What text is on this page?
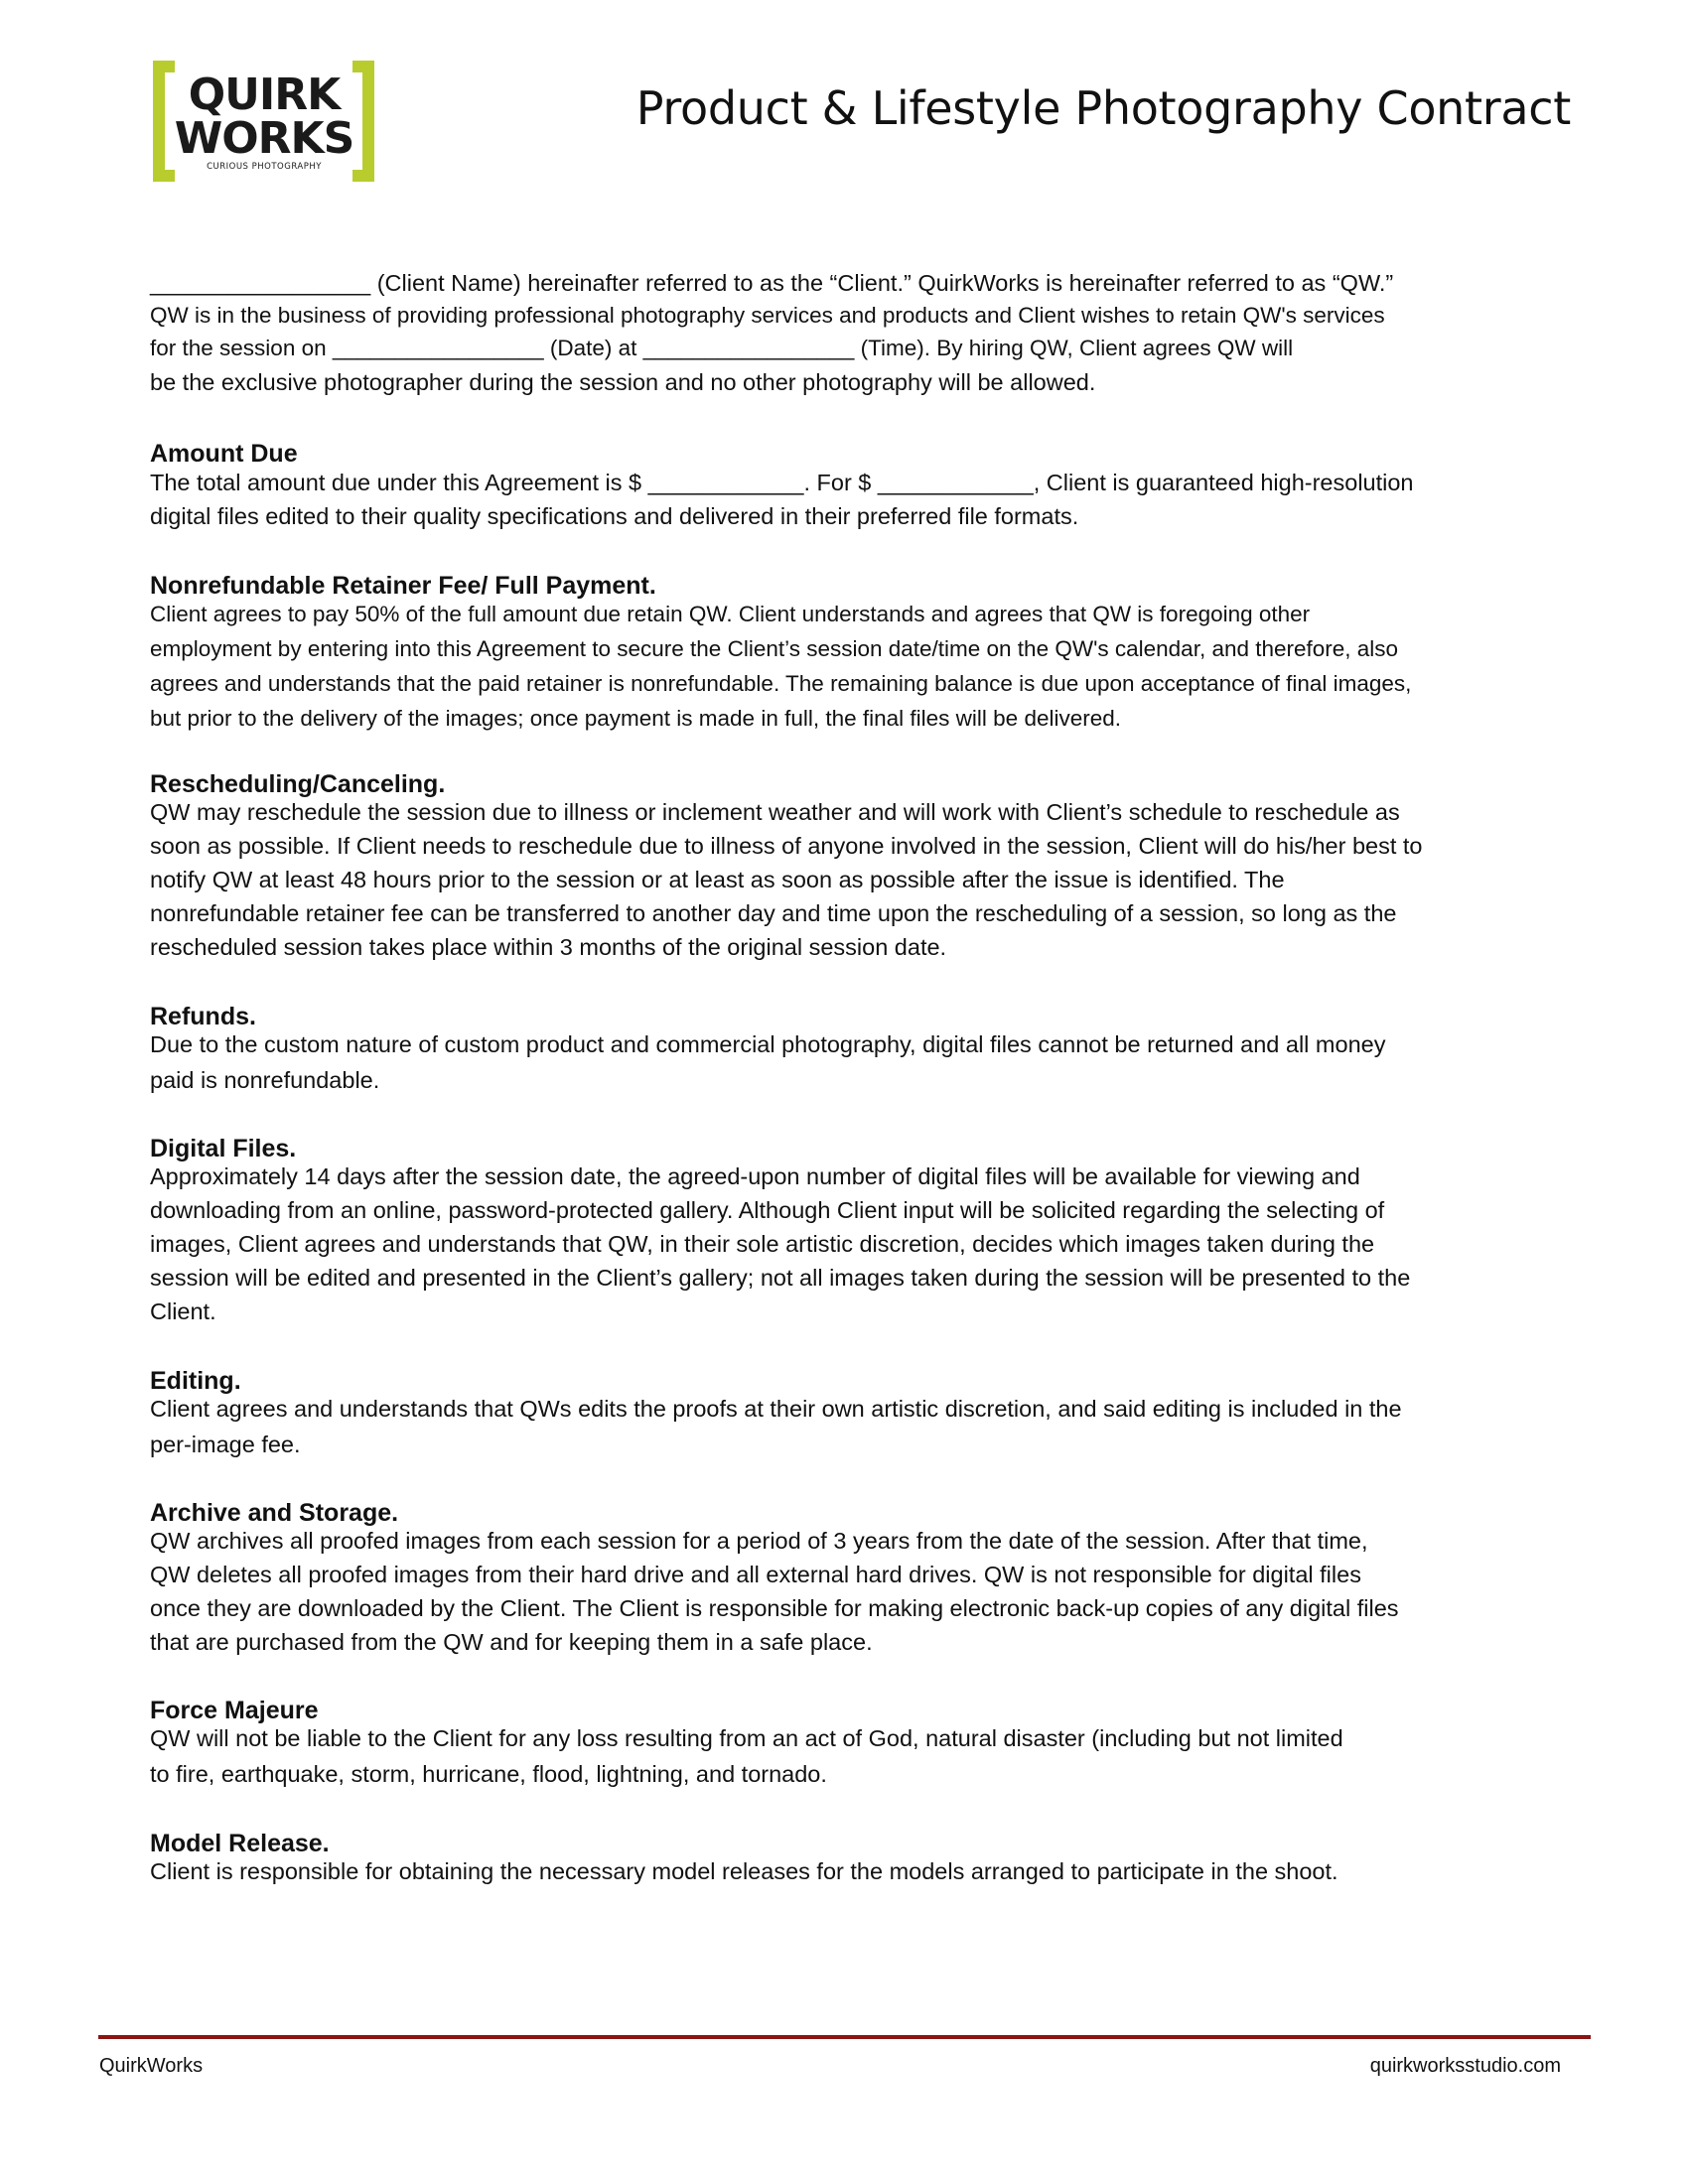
QUIRK
WORKS
CURIOUS PHOTOGRAPHY
Product & Lifestyle Photography Contract
_________________ (Client Name) hereinafter referred to as the “Client.” QuirkWorks is hereinafter referred to as “QW.”
QW is in the business of providing professional photography services and products and Client wishes to retain QW's services
for the session on _________________ (Date) at _________________ (Time). By hiring QW, Client agrees QW will
be the exclusive photographer during the session and no other photography will be allowed.
Amount Due
The total amount due under this Agreement is $ ____________. For $ ____________, Client is guaranteed high-resolution
digital files edited to their quality specifications and delivered in their preferred file formats.
Nonrefundable Retainer Fee/ Full Payment.
Client agrees to pay 50% of the full amount due retain QW. Client understands and agrees that QW is foregoing other
employment by entering into this Agreement to secure the Client’s session date/time on the QW's calendar, and therefore, also
agrees and understands that the paid retainer is nonrefundable. The remaining balance is due upon acceptance of final images,
but prior to the delivery of the images; once payment is made in full, the final files will be delivered.
Rescheduling/Canceling.
QW may reschedule the session due to illness or inclement weather and will work with Client’s schedule to reschedule as
soon as possible. If Client needs to reschedule due to illness of anyone involved in the session, Client will do his/her best to
notify QW at least 48 hours prior to the session or at least as soon as possible after the issue is identified. The
nonrefundable retainer fee can be transferred to another day and time upon the rescheduling of a session, so long as the
rescheduled session takes place within 3 months of the original session date.
Refunds.
Due to the custom nature of custom product and commercial photography, digital files cannot be returned and all money
paid is nonrefundable.
Digital Files.
Approximately 14 days after the session date, the agreed-upon number of digital files will be available for viewing and
downloading from an online, password-protected gallery. Although Client input will be solicited regarding the selecting of
images, Client agrees and understands that QW, in their sole artistic discretion, decides which images taken during the
session will be edited and presented in the Client’s gallery; not all images taken during the session will be presented to the
Client.
Editing.
Client agrees and understands that QWs edits the proofs at their own artistic discretion, and said editing is included in the
per-image fee.
Archive and Storage.
QW archives all proofed images from each session for a period of 3 years from the date of the session. After that time,
QW deletes all proofed images from their hard drive and all external hard drives. QW is not responsible for digital files
once they are downloaded by the Client. The Client is responsible for making electronic back-up copies of any digital files
that are purchased from the QW and for keeping them in a safe place.
Force Majeure
QW will not be liable to the Client for any loss resulting from an act of God, natural disaster (including but not limited
to fire, earthquake, storm, hurricane, flood, lightning, and tornado.
Model Release.
Client is responsible for obtaining the necessary model releases for the models arranged to participate in the shoot.
QuirkWorks	quirkworksstudio.com
